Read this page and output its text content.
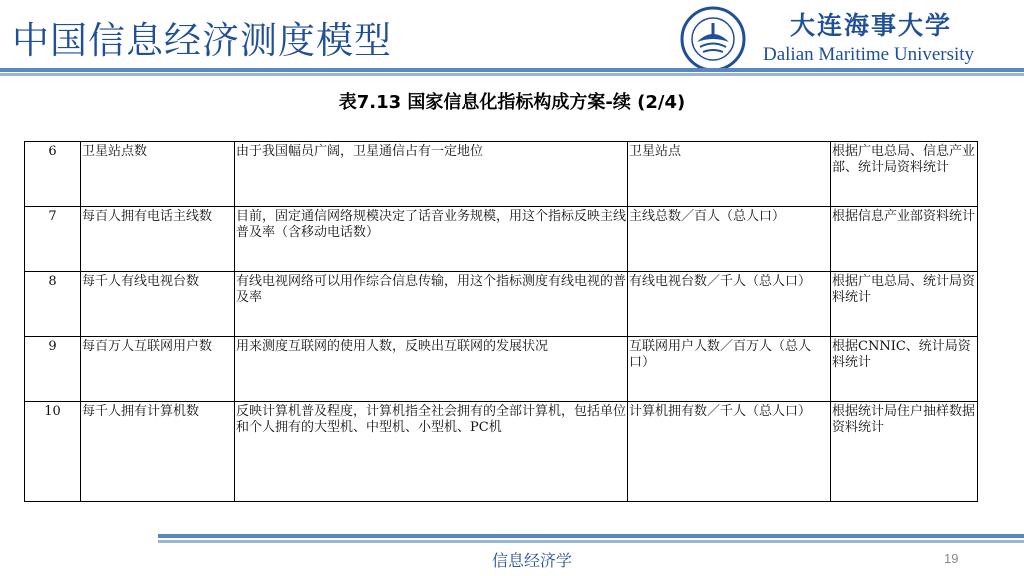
中国信息经济测度模型	大连海事大学
Dalian Maritime University
表7.13 国家信息化指标构成方案-续 (2/4)
6	卫星站点数	由于我国幅员广阔，卫星通信占有一定地位	卫星站点	根据广电总局、信息产业部、统计局资料统计
7	每百人拥有电话主线数	目前，固定通信网络规模决定了话音业务规模，用这个指标反映主线普及率（含移动电话数）	主线总数／百人（总人口）	根据信息产业部资料统计
8	每千人有线电视台数	有线电视网络可以用作综合信息传输，用这个指标测度有线电视的普及率	有线电视台数／千人（总人口）	根据广电总局、统计局资料统计
9	每百万人互联网用户数	用来测度互联网的使用人数，反映出互联网的发展状况	互联网用户人数／百万人（总人口）	根据CNNIC、统计局资料统计
10	每千人拥有计算机数	反映计算机普及程度，计算机指全社会拥有的全部计算机，包括单位和个人拥有的大型机、中型机、小型机、PC机	计算机拥有数／千人（总人口）	根据统计局住户抽样数据资料统计
信息经济学	19
